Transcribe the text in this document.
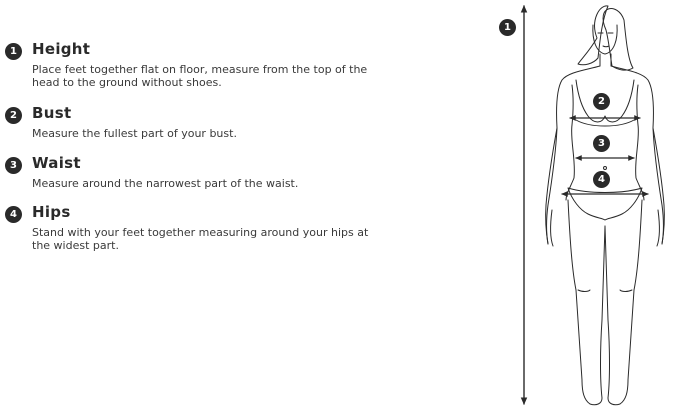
1	Height
Place feet together flat on floor, measure from the top of the head to the ground without shoes.
2	Bust
Measure the fullest part of your bust.
3	Waist
Measure around the narrowest part of the waist.
4	Hips
Stand with your feet together measuring around your hips at the widest part.
1
2
3
4
